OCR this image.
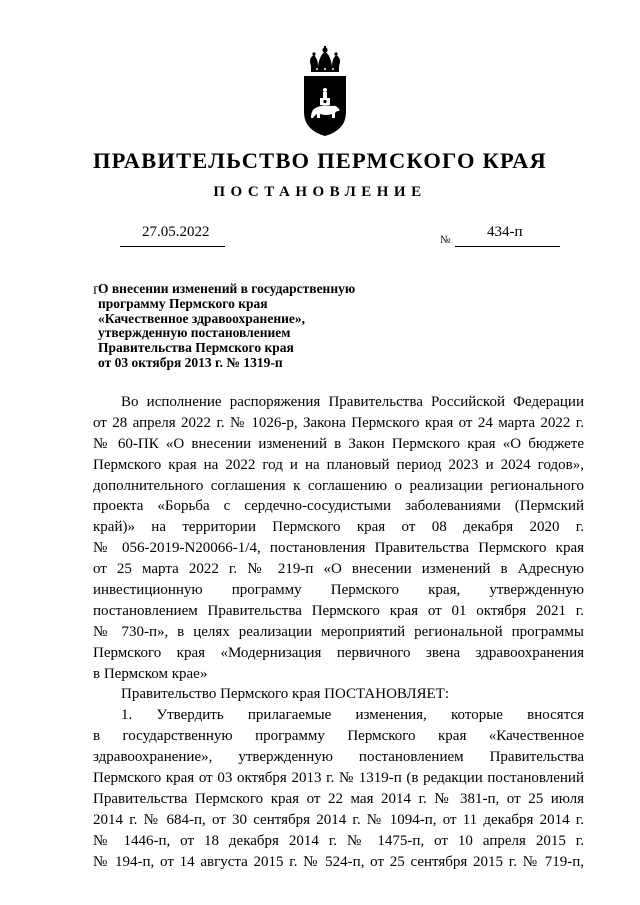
ПРАВИТЕЛЬСТВО ПЕРМСКОГО КРАЯ
ПОСТАНОВЛЕНИЕ
27.05.2022	№ 434-п
Г
О внесении изменений в государственную
программу Пермского края
«Качественное здравоохранение»,
утвержденную постановлением
Правительства Пермского края
от 03 октября 2013 г. № 1319-п
Во исполнение распоряжения Правительства Российской Федерации
от 28 апреля 2022 г. № 1026-р, Закона Пермского края от 24 марта 2022 г.
№ 60-ПК «О внесении изменений в Закон Пермского края «О бюджете
Пермского края на 2022 год и на плановый период 2023 и 2024 годов»,
дополнительного соглашения к соглашению о реализации регионального
проекта «Борьба с сердечно-сосудистыми заболеваниями (Пермский
край)» на территории Пермского края от 08 декабря 2020 г.
№ 056-2019-N20066-1/4, постановления Правительства Пермского края
от 25 марта 2022 г. № 219-п «О внесении изменений в Адресную
инвестиционную программу Пермского края, утвержденную
постановлением Правительства Пермского края от 01 октября 2021 г.
№ 730-п», в целях реализации мероприятий региональной программы
Пермского края «Модернизация первичного звена здравоохранения
в Пермском крае»
Правительство Пермского края ПОСТАНОВЛЯЕТ:
1. Утвердить прилагаемые изменения, которые вносятся
в государственную программу Пермского края «Качественное
здравоохранение», утвержденную постановлением Правительства
Пермского края от 03 октября 2013 г. № 1319-п (в редакции постановлений
Правительства Пермского края от 22 мая 2014 г. № 381-п, от 25 июля
2014 г. № 684-п, от 30 сентября 2014 г. № 1094-п, от 11 декабря 2014 г.
№ 1446-п, от 18 декабря 2014 г. № 1475-п, от 10 апреля 2015 г.
№ 194-п, от 14 августа 2015 г. № 524-п, от 25 сентября 2015 г. № 719-п,
